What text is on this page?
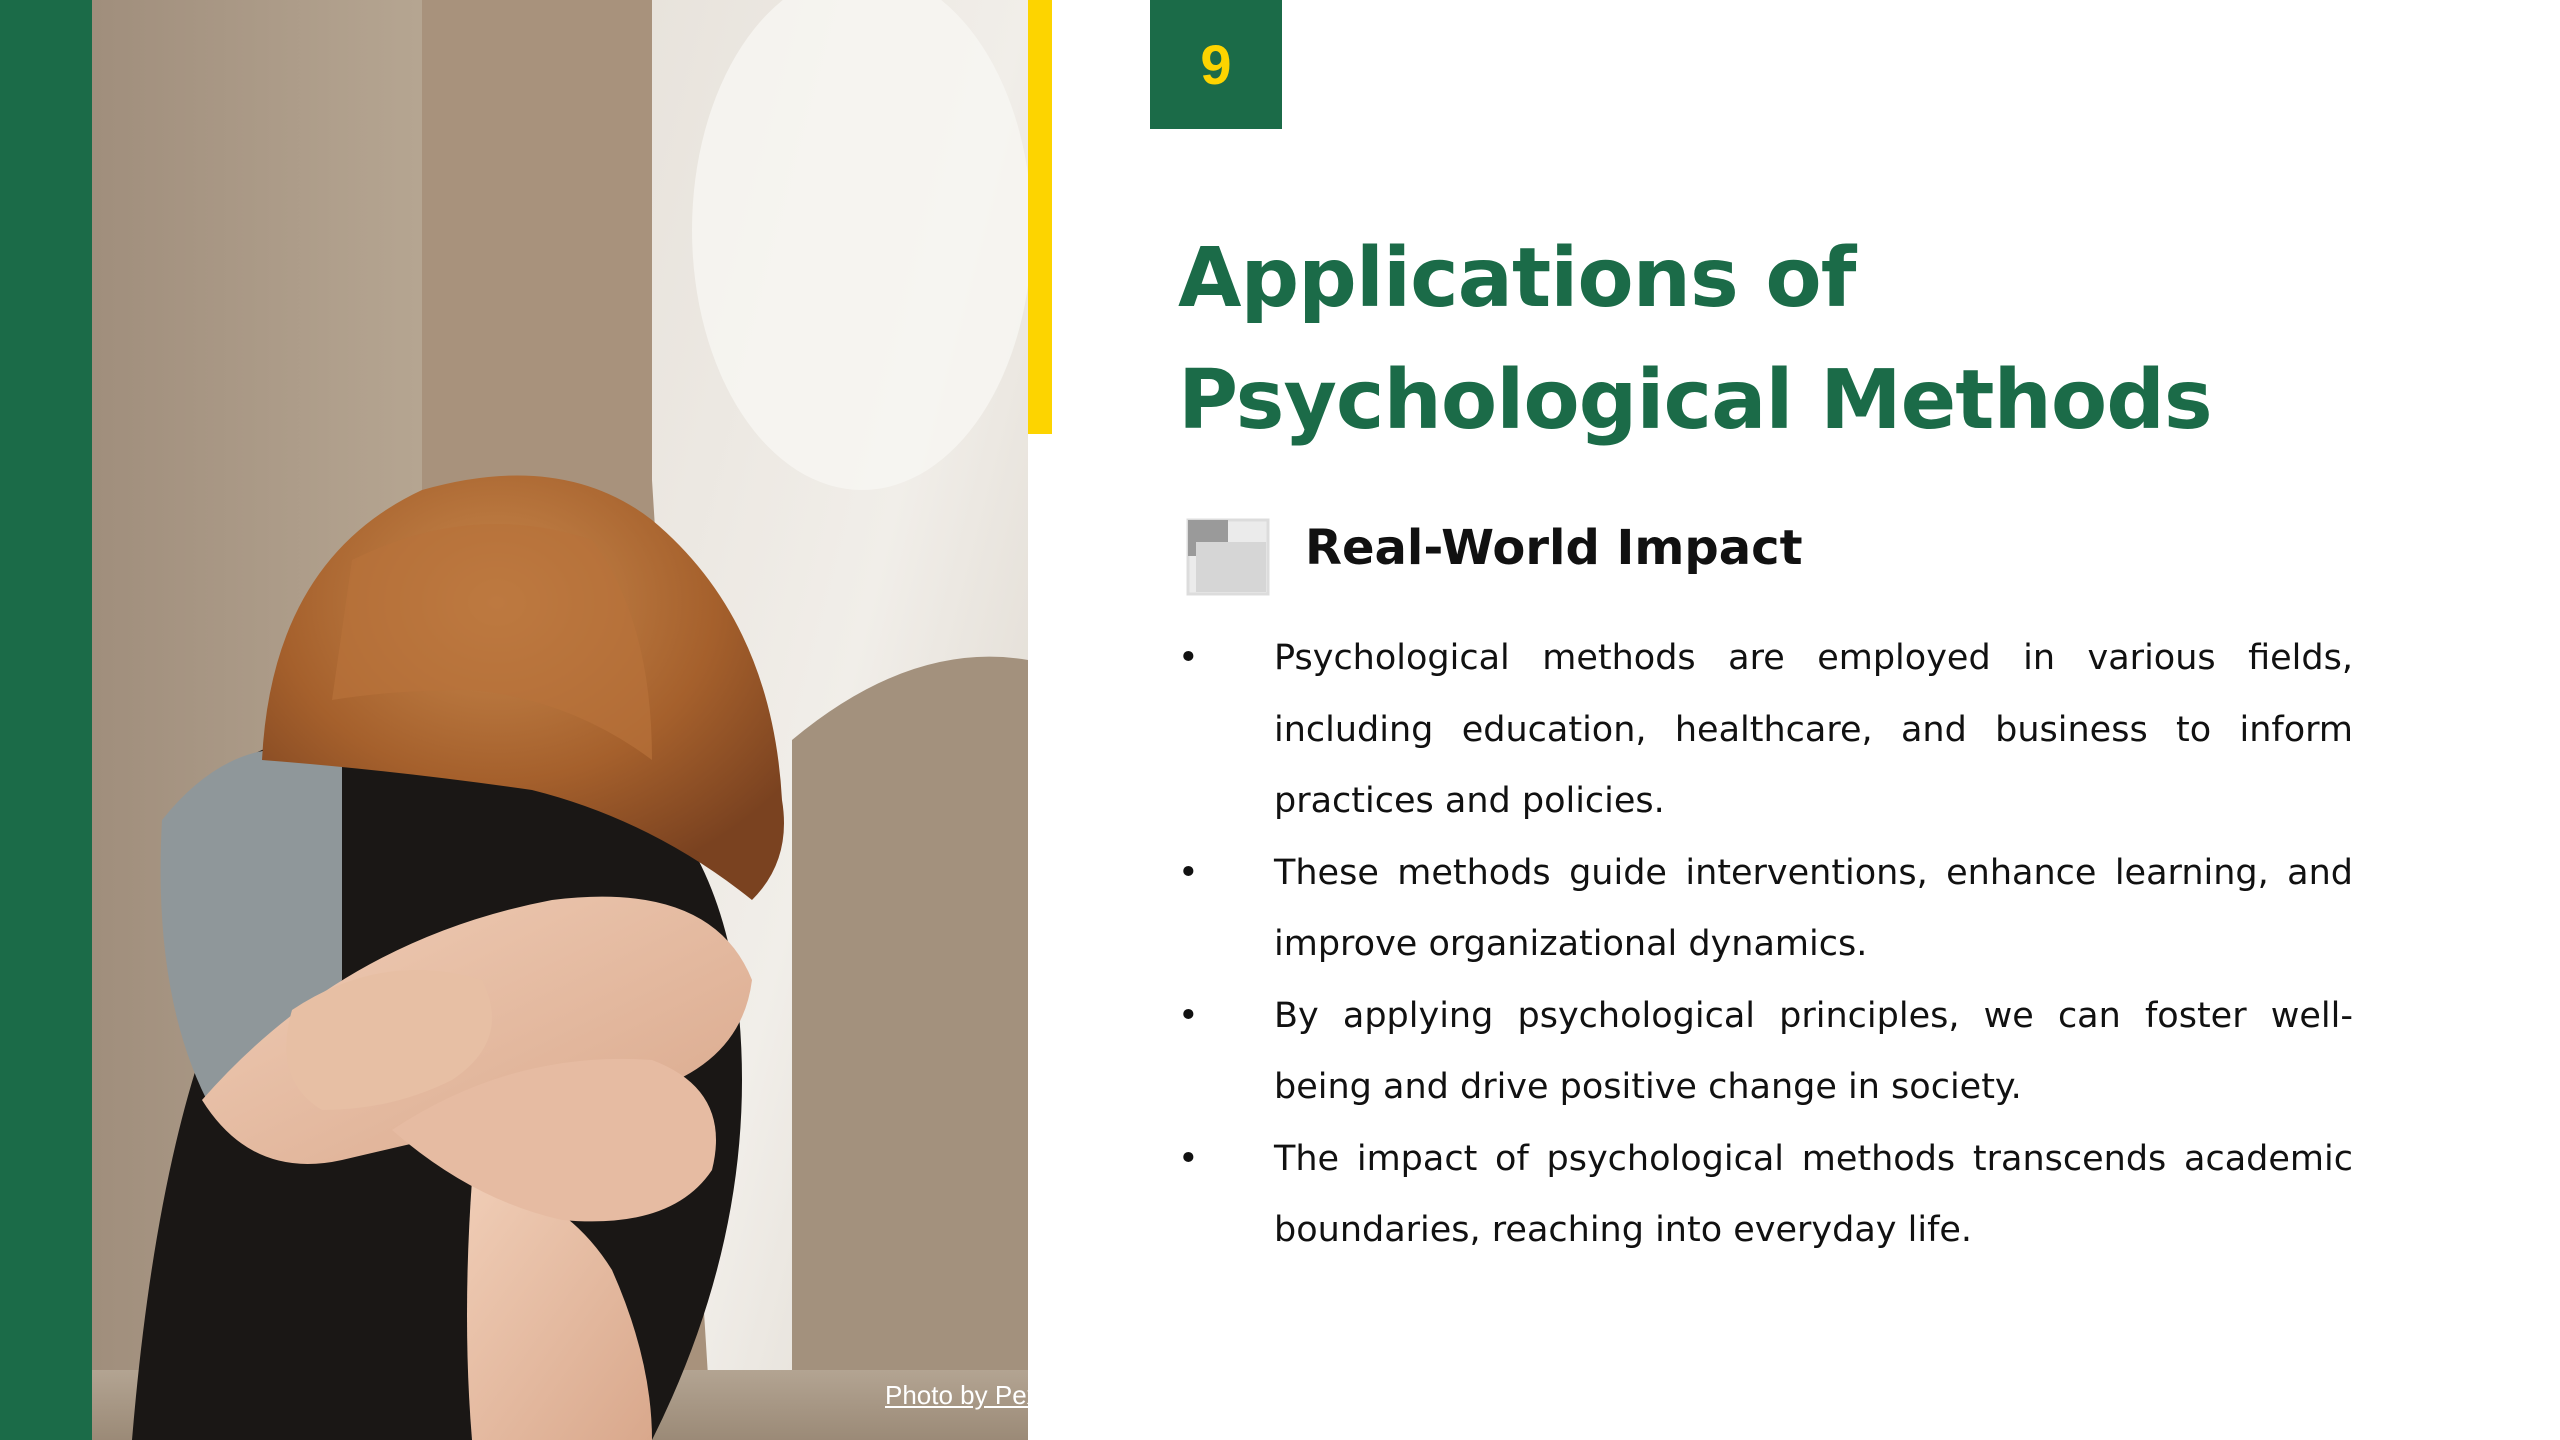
Photo by Pexels
9
Applications of
Psychological Methods
Real-World Impact
• Psychological methods are employed in various fields, including education, healthcare, and business to inform practices and policies.
• These methods guide interventions, enhance learning, and improve organizational dynamics.
• By applying psychological principles, we can foster well-being and drive positive change in society.
• The impact of psychological methods transcends academic boundaries, reaching into everyday life.
